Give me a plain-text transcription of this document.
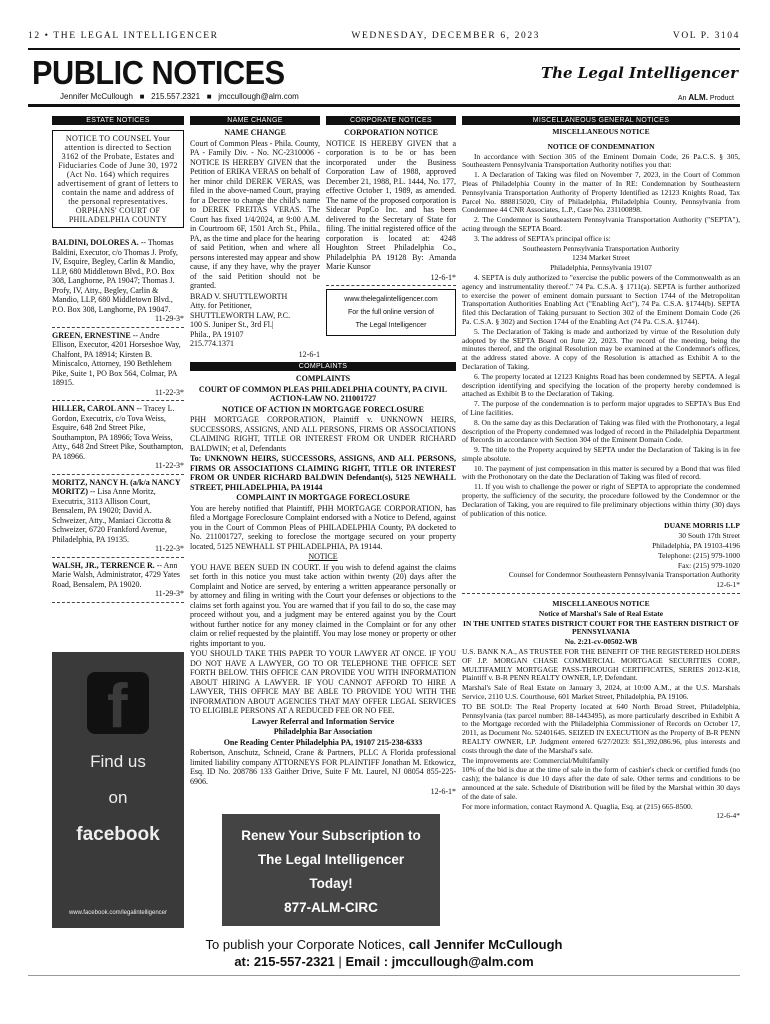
12 • THE LEGAL INTELLIGENCER	WEDNESDAY, DECEMBER 6, 2023	VOL P. 3104
PUBLIC NOTICES	The Legal Intelligencer
Jennifer McCullough   ■   215.557.2321   ■   jmccullough@alm.com	An ALM. Product
ESTATE NOTICES	NAME CHANGE	CORPORATE NOTICES	MISCELLANEOUS GENERAL NOTICES
NOTICE TO COUNSEL Your attention is directed to Section 3162 of the Probate, Estates and Fiduciaries Code of June 30, 1972 (Act No. 164) which requires advertisement of grant of letters to contain the name and address of the personal representatives.
ORPHANS' COURT OF PHILADELPHIA COUNTY
BALDINI, DOLORES A. -- Thomas Baldini, Executor, c/o Thomas J. Profy, IV, Esquire, Begley, Carlin & Mandio, LLP, 680 Middletown Blvd., P.O. Box 308, Langhorne, PA 19047; Thomas J. Profy, IV, Atty., Begley, Carlin & Mandio, LLP, 680 Middletown Blvd., P.O. Box 308, Langhorne, PA 19047.
11-29-3*
GREEN, ERNESTINE -- Andre Ellison, Executor, 4201 Horseshoe Way, Chalfont, PA 18914; Kirsten B. Miniscalco, Attorney, 190 Bethlehem Pike, Suite 1, PO Box 564, Colmar, PA 18915.
11-22-3*
HILLER, CAROL ANN -- Tracey L. Gordon, Executrix, c/o Tova Weiss, Esquire, 648 2nd Street Pike, Southampton, PA 18966; Tova Weiss, Atty., 648 2nd Street Pike, Southampton, PA 18966.
11-22-3*
MORITZ, NANCY H. (a/k/a NANCY MORITZ) -- Lisa Anne Moritz, Executrix, 3113 Allison Court, Bensalem, PA 19020; David A. Schweizer, Atty., Maniaci Ciccotta & Schweizer, 6720 Frankford Avenue, Philadelphia, PA 19135.
11-22-3*
WALSH, JR., TERRENCE R. -- Ann Marie Walsh, Administrator, 4729 Yates Road, Bensalem, PA 19020.
11-29-3*
f
Find us
on
facebook
www.facebook.com/legalintelligencer

NAME CHANGE

Court of Common Pleas - Phila. County, PA - Family Div. - No. NC-2310006 - NOTICE IS HEREBY GIVEN that the Petition of ERIKA VERAS on behalf of her minor child DEREK VERAS, was filed in the above-named Court, praying for a Decree to change the child's name to DEREK FREITAS VERAS. The Court has fixed 1/4/2024, at 9:00 A.M. in Courtroom 6F, 1501 Arch St., Phila., PA, as the time and place for the hearing of said Petition, when and where all persons interested may appear and show cause, if any they have, why the prayer of the said Petition should not be granted.

BRAD V. SHUTTLEWORTH
Atty. for Petitioner,
SHUTTLEWORTH LAW, P.C.
100 S. Juniper St., 3rd Fl.|
Phila., PA 19107
215.774.1371

12-6-1

CORPORATION NOTICE

NOTICE IS HEREBY GIVEN that a corporation is to be or has been incorporated under the Business Corporation Law of 1988, approved December 21, 1988, P.L. 1444, No. 177, effective October 1, 1989, as amended. The name of the proposed corporation is Sidecar PopCo Inc. and has been delivered to the Secretary of State for filing. The initial registered office of the corporation is located at: 4248 Houghton Street Philadelphia Co., Philadelphia PA 19128 By: Amanda Marie Kunsor

12-6-1*

www.thelegalintelligencer.com
For the full online version of
The Legal Intelligencer
COMPLAINTS

COMPLAINTS

COURT OF COMMON PLEAS PHILADELPHIA COUNTY, PA CIVIL ACTION-LAW NO. 211001727

NOTICE OF ACTION IN MORTGAGE FORECLOSURE

PHH MORTGAGE CORPORATION, Plaintiff v. UNKNOWN HEIRS, SUCCESSORS, ASSIGNS, AND ALL PERSONS, FIRMS OR ASSOCIATIONS CLAIMING RIGHT, TITLE OR INTEREST FROM OR UNDER RICHARD BALDWIN; et al, Defendants

To: UNKNOWN HEIRS, SUCCESSORS, ASSIGNS, AND ALL PERSONS, FIRMS OR ASSOCIATIONS CLAIMING RIGHT, TITLE OR INTEREST FROM OR UNDER RICHARD BALDWIN Defendant(s), 5125 NEWHALL STREET, PHILADELPHIA, PA 19144

COMPLAINT IN MORTGAGE FORECLOSURE

You are hereby notified that Plaintiff, PHH MORTGAGE CORPORATION, has filed a Mortgage Foreclosure Complaint endorsed with a Notice to Defend, against you in the Court of Common Pleas of PHILADELPHIA County, PA docketed to No. 211001727, seeking to foreclose the mortgage secured on your property located, 5125 NEWHALL ST PHILADELPHIA, PA 19144.

NOTICE

YOU HAVE BEEN SUED IN COURT. If you wish to defend against the claims set forth in this notice you must take action within twenty (20) days after the Complaint and Notice are served, by entering a written appearance personally or by attorney and filing in writing with the Court your defenses or objections to the claims set forth against you. You are warned that if you fail to do so, the case may proceed without you, and a judgment may be entered against you by the Court without further notice for any money claimed in the Complaint or for any other claim or relief requested by the plaintiff. You may lose money or property or other rights important to you.

YOU SHOULD TAKE THIS PAPER TO YOUR LAWYER AT ONCE. IF YOU DO NOT HAVE A LAWYER, GO TO OR TELEPHONE THE OFFICE SET FORTH BELOW. THIS OFFICE CAN PROVIDE YOU WITH INFORMATION ABOUT HIRING A LAWYER. IF YOU CANNOT AFFORD TO HIRE A LAWYER, THIS OFFICE MAY BE ABLE TO PROVIDE YOU WITH THE INFORMATION ABOUT AGENCIES THAT MAY OFFER LEGAL SERVICES TO ELIGIBLE PERSONS AT A REDUCED FEE OR NO FEE.

Lawyer Referral and Information Service

Philadelphia Bar Association

One Reading Center Philadelphia PA, 19107 215-238-6333

Robertson, Anschutz, Schneid, Crane & Partners, PLLC A Florida professional limited liability company ATTORNEYS FOR PLAINTIFF Jonathan M. Etkowicz, Esq. ID No. 208786 133 Gaither Drive, Suite F Mt. Laurel, NJ 08054 855-225-6906.

12-6-1*

Renew Your Subscription to
The Legal Intelligencer
Today!
877-ALM-CIRC

MISCELLANEOUS NOTICE

NOTICE OF CONDEMNATION

In accordance with Section 305 of the Eminent Domain Code, 26 Pa.C.S. § 305, Southeastern Pennsylvania Transportation Authority notifies you that:

1. A Declaration of Taking was filed on November 7, 2023, in the Court of Common Pleas of Philadelphia County in the matter of In RE: Condemnation by Southeastern Pennsylvania Transportation Authority of Property Identified as 12123 Knights Road, Tax Parcel No. 888815020, City of Philadelphia, Philadelphia County, Pennsylvania from Condemnee 44 CNR Associates, L.P., Case No. 231100898.

2. The Condemnor is Southeastern Pennsylvania Transportation Authority ("SEPTA"), acting through the SEPTA Board.

3. The address of SEPTA's principal office is:

Southeastern Pennsylvania Transportation Authority

1234 Market Street

Philadelphia, Pennsylvania 19107

4. SEPTA is duly authorized to "exercise the public powers of the Commonwealth as an agency and instrumentality thereof." 74 Pa. C.S.A. § 1711(a). SEPTA is further authorized to exercise the power of eminent domain pursuant to Section 1744 of the Metropolitan Transportation Authorities Enabling Act ("Enabling Act"), 74 Pa. C.S.A. §1744(b). SEPTA filed this Declaration of Taking pursuant to Section 302 of the Eminent Domain Code (26 Pa. C.S.A. § 302) and Section 1744 of the Enabling Act (74 Pa. C.S.A. §1744).

5. The Declaration of Taking is made and authorized by virtue of the Resolution duly adopted by the SEPTA Board on June 22, 2023. The record of the meeting, being the minutes thereof, and the original Resolution may be examined at the Condemnor's offices, at the address stated above. A copy of the Resolution is attached as Exhibit A to the Declaration of Taking.

6. The property located at 12123 Knights Road has been condemned by SEPTA. A legal description identifying and specifying the location of the property hereby condemned is attached as Exhibit B to the Declaration of Taking.

7. The purpose of the condemnation is to perform major upgrades to SEPTA's Bus End of Line facilities.

8. On the same day as this Declaration of Taking was filed with the Prothonotary, a legal description of the Property condemned was lodged of record in the Philadelphia Department of Records in accordance with Section 304 of the Eminent Domain Code.

9. The title to the Property acquired by SEPTA under the Declaration of Taking is in fee simple absolute.

10. The payment of just compensation in this matter is secured by a Bond that was filed with the Prothonotary on the date the Declaration of Taking was filed of record.

11. If you wish to challenge the power or right of SEPTA to appropriate the condemned property, the sufficiency of the security, the procedure followed by the Condemnor or the Declaration of Taking, you are required to file preliminary objections within thirty (30) days of publication of this notice.

DUANE MORRIS LLP

30 South 17th Street

Philadelphia, PA 19103-4196

Telephone: (215) 979-1000

Fax: (215) 979-1020

Counsel for Condemnor Southeastern Pennsylvania Transportation Authority

12-6-1*

MISCELLANEOUS NOTICE

Notice of Marshal's Sale of Real Estate

IN THE UNITED STATES DISTRICT COURT FOR THE EASTERN DISTRICT OF PENNSYLVANIA

No. 2:21-cv-00502-WB

U.S. BANK N.A., AS TRUSTEE FOR THE BENEFIT OF THE REGISTERED HOLDERS OF J.P. MORGAN CHASE COMMERCIAL MORTGAGE SECURITIES CORP., MULTIFAMILY MORTGAGE PASS-THROUGH CERTIFICATES, SERIES 2012-K18, Plaintiff v. B-R PENN REALTY OWNER, LP, Defendant.

Marshal's Sale of Real Estate on January 3, 2024, at 10:00 A.M., at the U.S. Marshals Service, 2110 U.S. Courthouse, 601 Market Street, Philadelphia, PA 19106.

TO BE SOLD: The Real Property located at 640 North Broad Street, Philadelphia, Pennsylvania (tax parcel number: 88-1443495), as more particularly described in Exhibit A to the Mortgage recorded with the Philadelphia Commissioner of Records on October 17, 2011, as Document No. 52401645. SEIZED IN EXECUTION as the Property of B-R PENN REALTY OWNER, LP. Judgment entered 6/27/2023: $51,392,086.96, plus interests and costs through the date of the Marshal's sale.

The improvements are: Commercial/Multifamily

10% of the bid is due at the time of sale in the form of cashier's check or certified funds (no cash); the balance is due 10 days after the date of sale. Other terms and conditions to be announced at the sale. Schedule of Distribution will be filed by the Marshal within 30 days of the date of sale.

For more information, contact Raymond A. Quaglia, Esq. at (215) 665-8500.

12-6-4*

To publish your Corporate Notices, call Jennifer McCullough
at: 215-557-2321 | Email : jmccullough@alm.com
